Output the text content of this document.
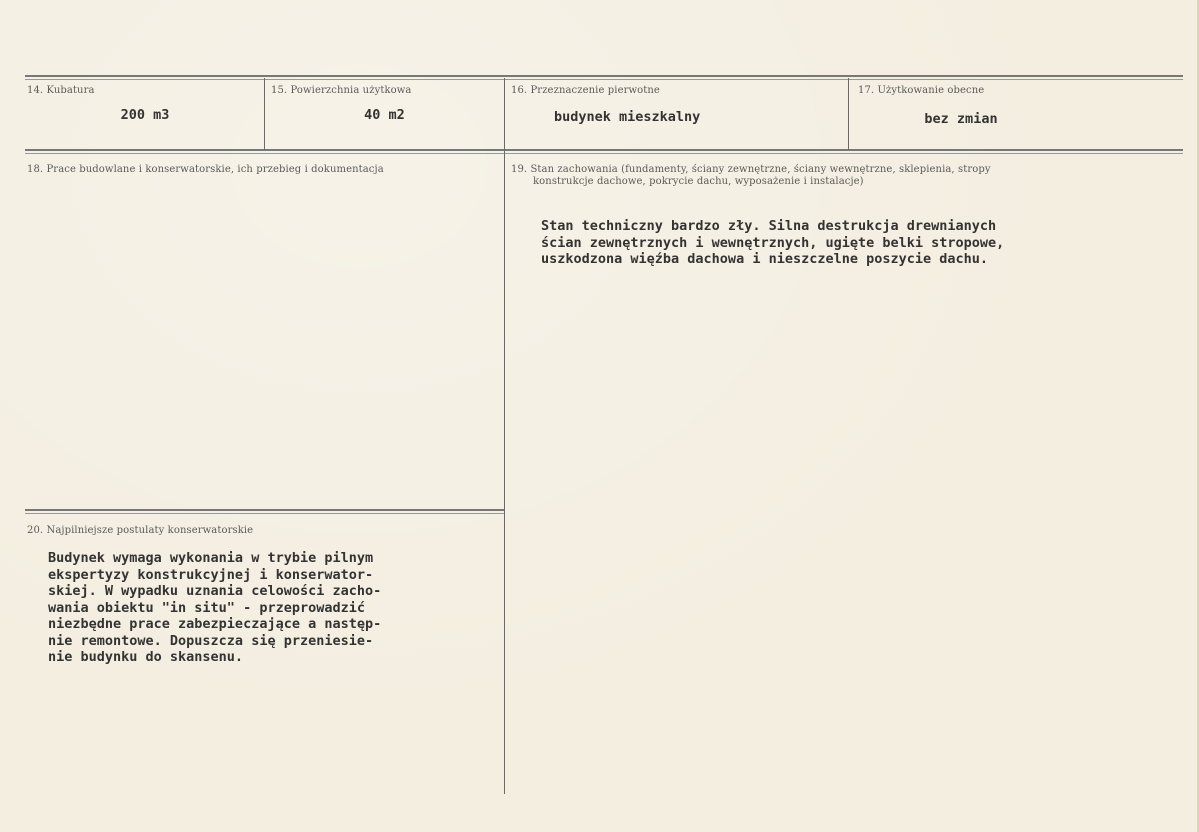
14. Kubatura
200 m3
15. Powierzchnia użytkowa
40 m2
16. Przeznaczenie pierwotne
budynek mieszkalny
17. Użytkowanie obecne
bez zmian
18. Prace budowlane i konserwatorskie, ich przebieg i dokumentacja	19. Stan zachowania (fundamenty, ściany zewnętrzne, ściany wewnętrzne, sklepienia, stropy
konstrukcje dachowe, pokrycie dachu, wyposażenie i instalacje)
Stan techniczny bardzo zły. Silna destrukcja drewnianych
ścian zewnętrznych i wewnętrznych, ugięte belki stropowe,
uszkodzona więźba dachowa i nieszczelne poszycie dachu.
20. Najpilniejsze postulaty konserwatorskie
Budynek wymaga wykonania w trybie pilnym
ekspertyzy konstrukcyjnej i konserwator-
skiej. W wypadku uznania celowości zacho-
wania obiektu "in situ" - przeprowadzić
niezbędne prace zabezpieczające a następ-
nie remontowe. Dopuszcza się przeniesie-
nie budynku do skansenu.
